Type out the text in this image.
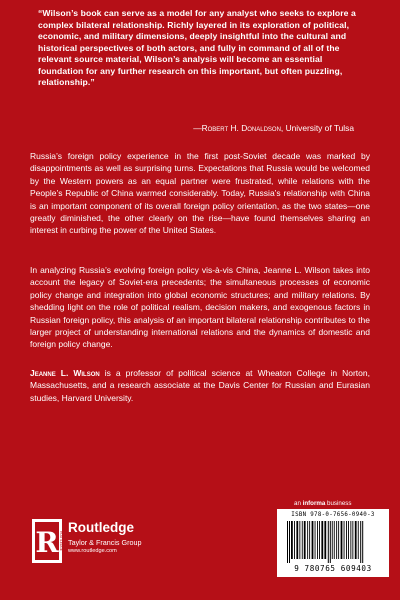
“Wilson’s book can serve as a model for any analyst who seeks to explore a complex bilateral relationship. Richly layered in its exploration of political, economic, and military dimensions, deeply insightful into the cultural and historical perspectives of both actors, and fully in command of all of the relevant source material, Wilson’s analysis will become an essential foundation for any further research on this important, but often puzzling, relationship.”

—Robert H. Donaldson, University of Tulsa

Russia’s foreign policy experience in the first post-Soviet decade was marked by disappointments as well as surprising turns. Expectations that Russia would be welcomed by the Western powers as an equal partner were frustrated, while relations with the People’s Republic of China warmed considerably. Today, Russia’s relationship with China is an important component of its overall foreign policy orientation, as the two states—one greatly diminished, the other clearly on the rise—have found themselves sharing an interest in curbing the power of the United States.

In analyzing Russia’s evolving foreign policy vis-à-vis China, Jeanne L. Wilson takes into account the legacy of Soviet-era precedents; the simultaneous processes of economic policy change and integration into global economic structures; and military relations. By shedding light on the role of political realism, decision makers, and exogenous factors in Russian foreign policy, this analysis of an important bilateral relationship contributes to the larger project of understanding international relations and the dynamics of domestic and foreign policy change.

Jeanne L. Wilson is a professor of political science at Wheaton College in Norton, Massachusetts, and a research associate at the Davis Center for Russian and Eurasian studies, Harvard University.

an informa business
ISBN 978-0-7656-0940-3
9 780765 609403
R ROUTLEDGE
Routledge
Taylor & Francis Group
www.routledge.com
